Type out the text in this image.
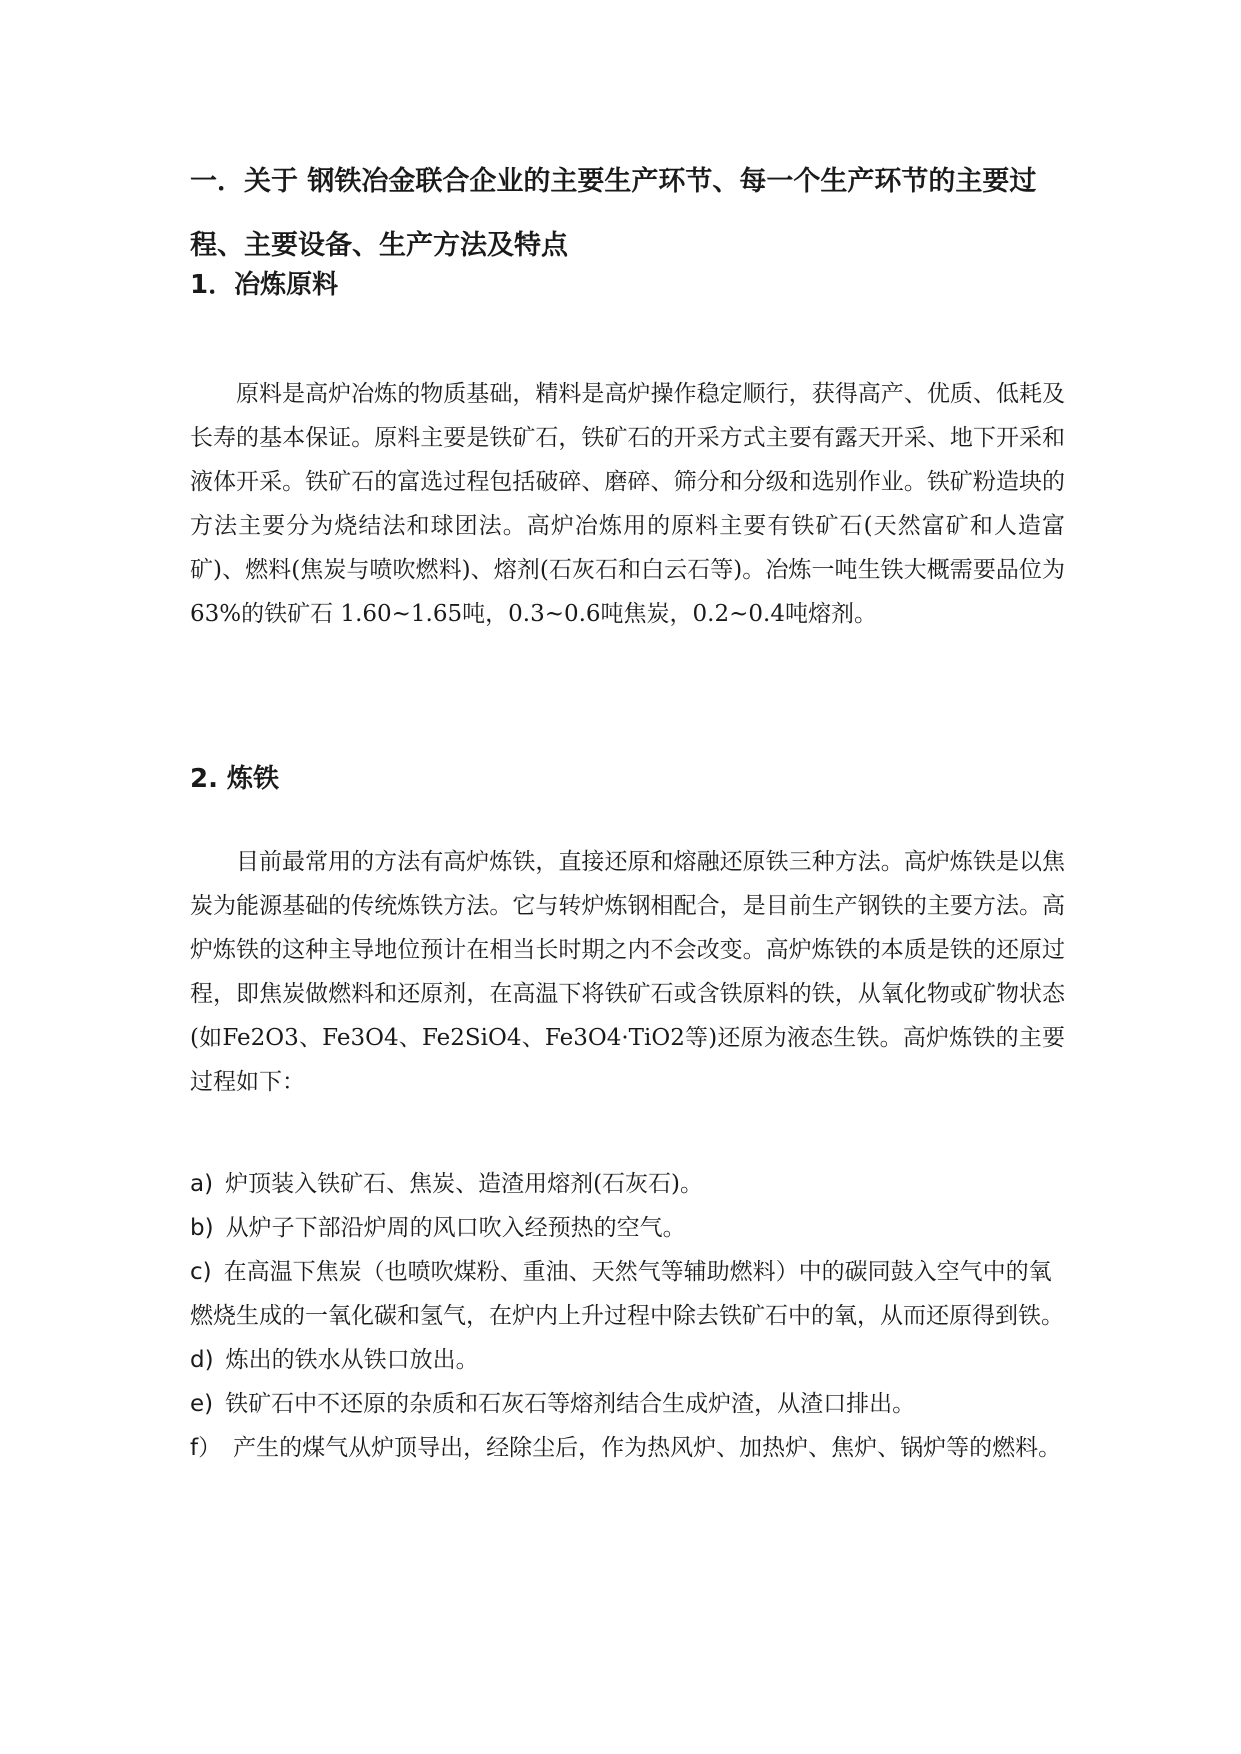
一．关于 钢铁冶金联合企业的主要生产环节、每一个生产环节的主要过程、主要设备、生产方法及特点
1．冶炼原料

原料是高炉冶炼的物质基础，精料是高炉操作稳定顺行，获得高产、优质、低耗及长寿的基本保证。原料主要是铁矿石，铁矿石的开采方式主要有露天开采、地下开采和液体开采。铁矿石的富选过程包括破碎、磨碎、筛分和分级和选别作业。铁矿粉造块的方法主要分为烧结法和球团法。高炉冶炼用的原料主要有铁矿石(天然富矿和人造富矿)、燃料(焦炭与喷吹燃料)、熔剂(石灰石和白云石等)。冶炼一吨生铁大概需要品位为63%的铁矿石 1.60~1.65吨，0.3~0.6吨焦炭，0.2~0.4吨熔剂。

2. 炼铁

目前最常用的方法有高炉炼铁，直接还原和熔融还原铁三种方法。高炉炼铁是以焦炭为能源基础的传统炼铁方法。它与转炉炼钢相配合，是目前生产钢铁的主要方法。高炉炼铁的这种主导地位预计在相当长时期之内不会改变。高炉炼铁的本质是铁的还原过程，即焦炭做燃料和还原剂，在高温下将铁矿石或含铁原料的铁，从氧化物或矿物状态(如Fe2O3、Fe3O4、Fe2SiO4、Fe3O4·TiO2等)还原为液态生铁。高炉炼铁的主要过程如下：

a) 炉顶装入铁矿石、焦炭、造渣用熔剂(石灰石)。
b) 从炉子下部沿炉周的风口吹入经预热的空气。
c) 在高温下焦炭（也喷吹煤粉、重油、天然气等辅助燃料）中的碳同鼓入空气中的氧燃烧生成的一氧化碳和氢气，在炉内上升过程中除去铁矿石中的氧，从而还原得到铁。
d) 炼出的铁水从铁口放出。
e) 铁矿石中不还原的杂质和石灰石等熔剂结合生成炉渣，从渣口排出。
f） 产生的煤气从炉顶导出，经除尘后，作为热风炉、加热炉、焦炉、锅炉等的燃料。
